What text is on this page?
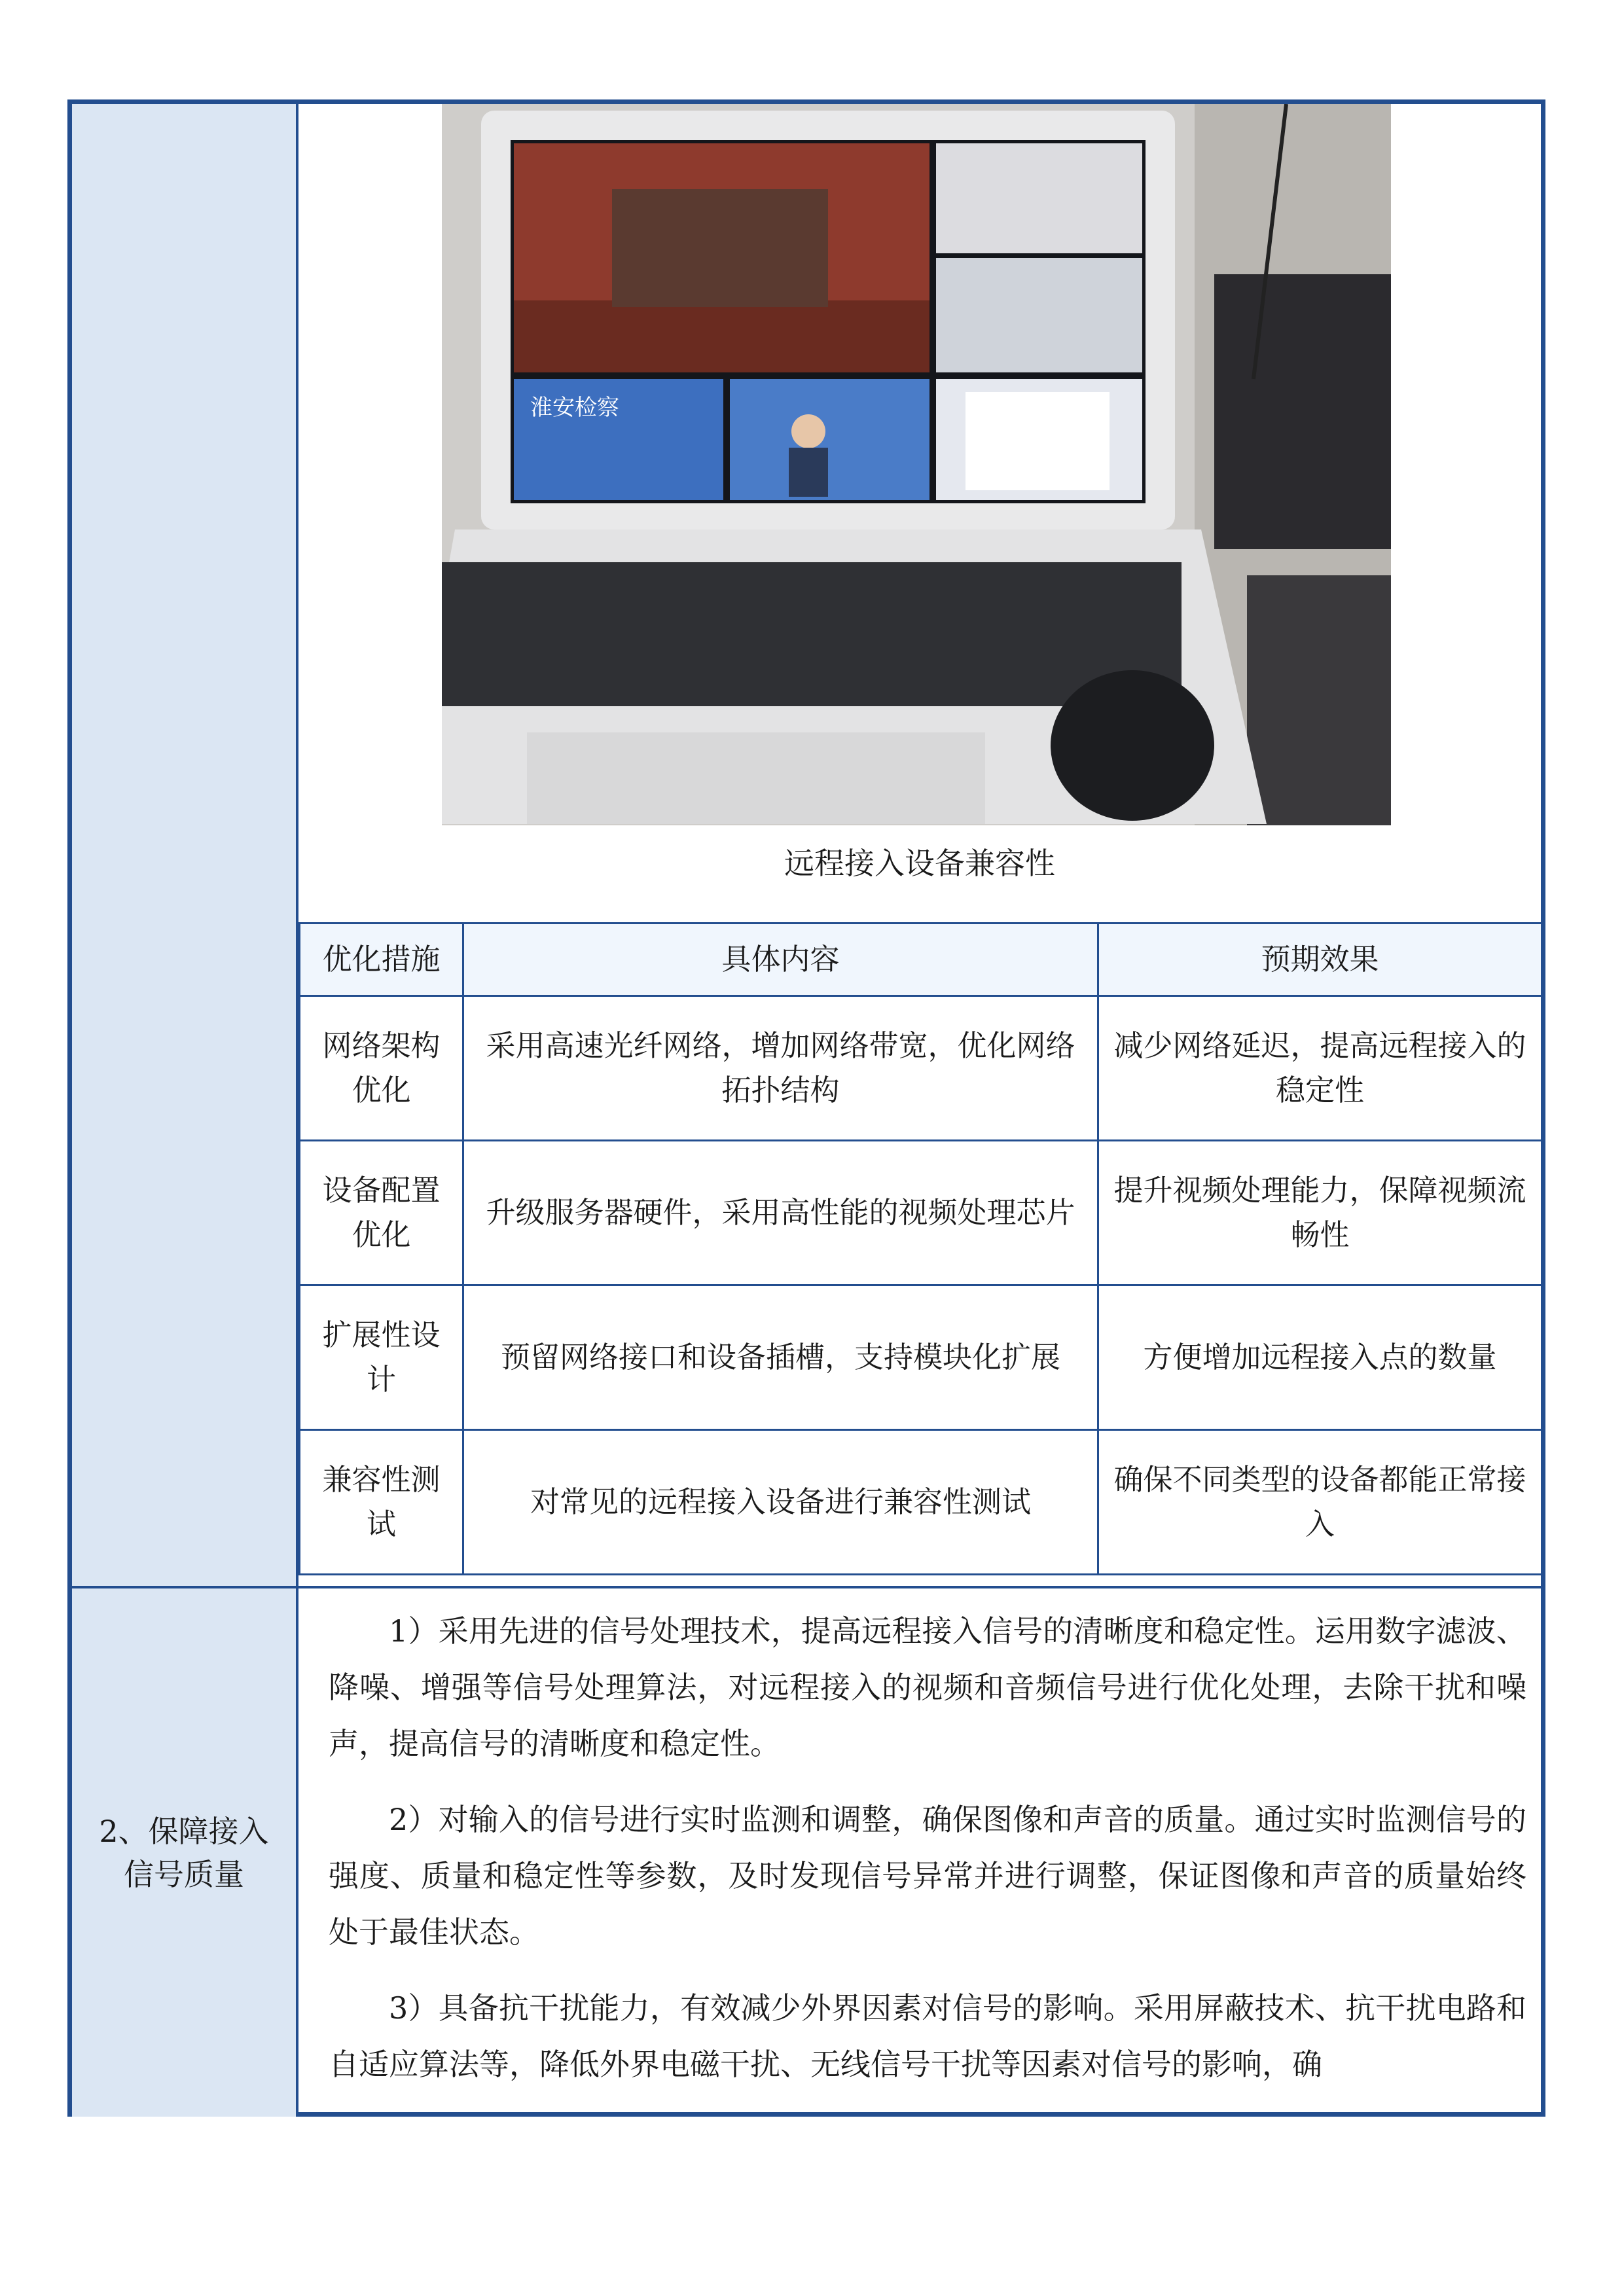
淮安检察
远程接入设备兼容性
优化措施	具体内容	预期效果
网络架构优化	采用高速光纤网络，增加网络带宽，优化网络拓扑结构	减少网络延迟，提高远程接入的稳定性
设备配置优化	升级服务器硬件，采用高性能的视频处理芯片	提升视频处理能力，保障视频流畅性
扩展性设计	预留网络接口和设备插槽，支持模块化扩展	方便增加远程接入点的数量
兼容性测试	对常见的远程接入设备进行兼容性测试	确保不同类型的设备都能正常接入
2、保障接入信号质量

1）采用先进的信号处理技术，提高远程接入信号的清晰度和稳定性。运用数字滤波、降噪、增强等信号处理算法，对远程接入的视频和音频信号进行优化处理，去除干扰和噪声，提高信号的清晰度和稳定性。

2）对输入的信号进行实时监测和调整，确保图像和声音的质量。通过实时监测信号的强度、质量和稳定性等参数，及时发现信号异常并进行调整，保证图像和声音的质量始终处于最佳状态。

3）具备抗干扰能力，有效减少外界因素对信号的影响。采用屏蔽技术、抗干扰电路和自适应算法等，降低外界电磁干扰、无线信号干扰等因素对信号的影响，确
